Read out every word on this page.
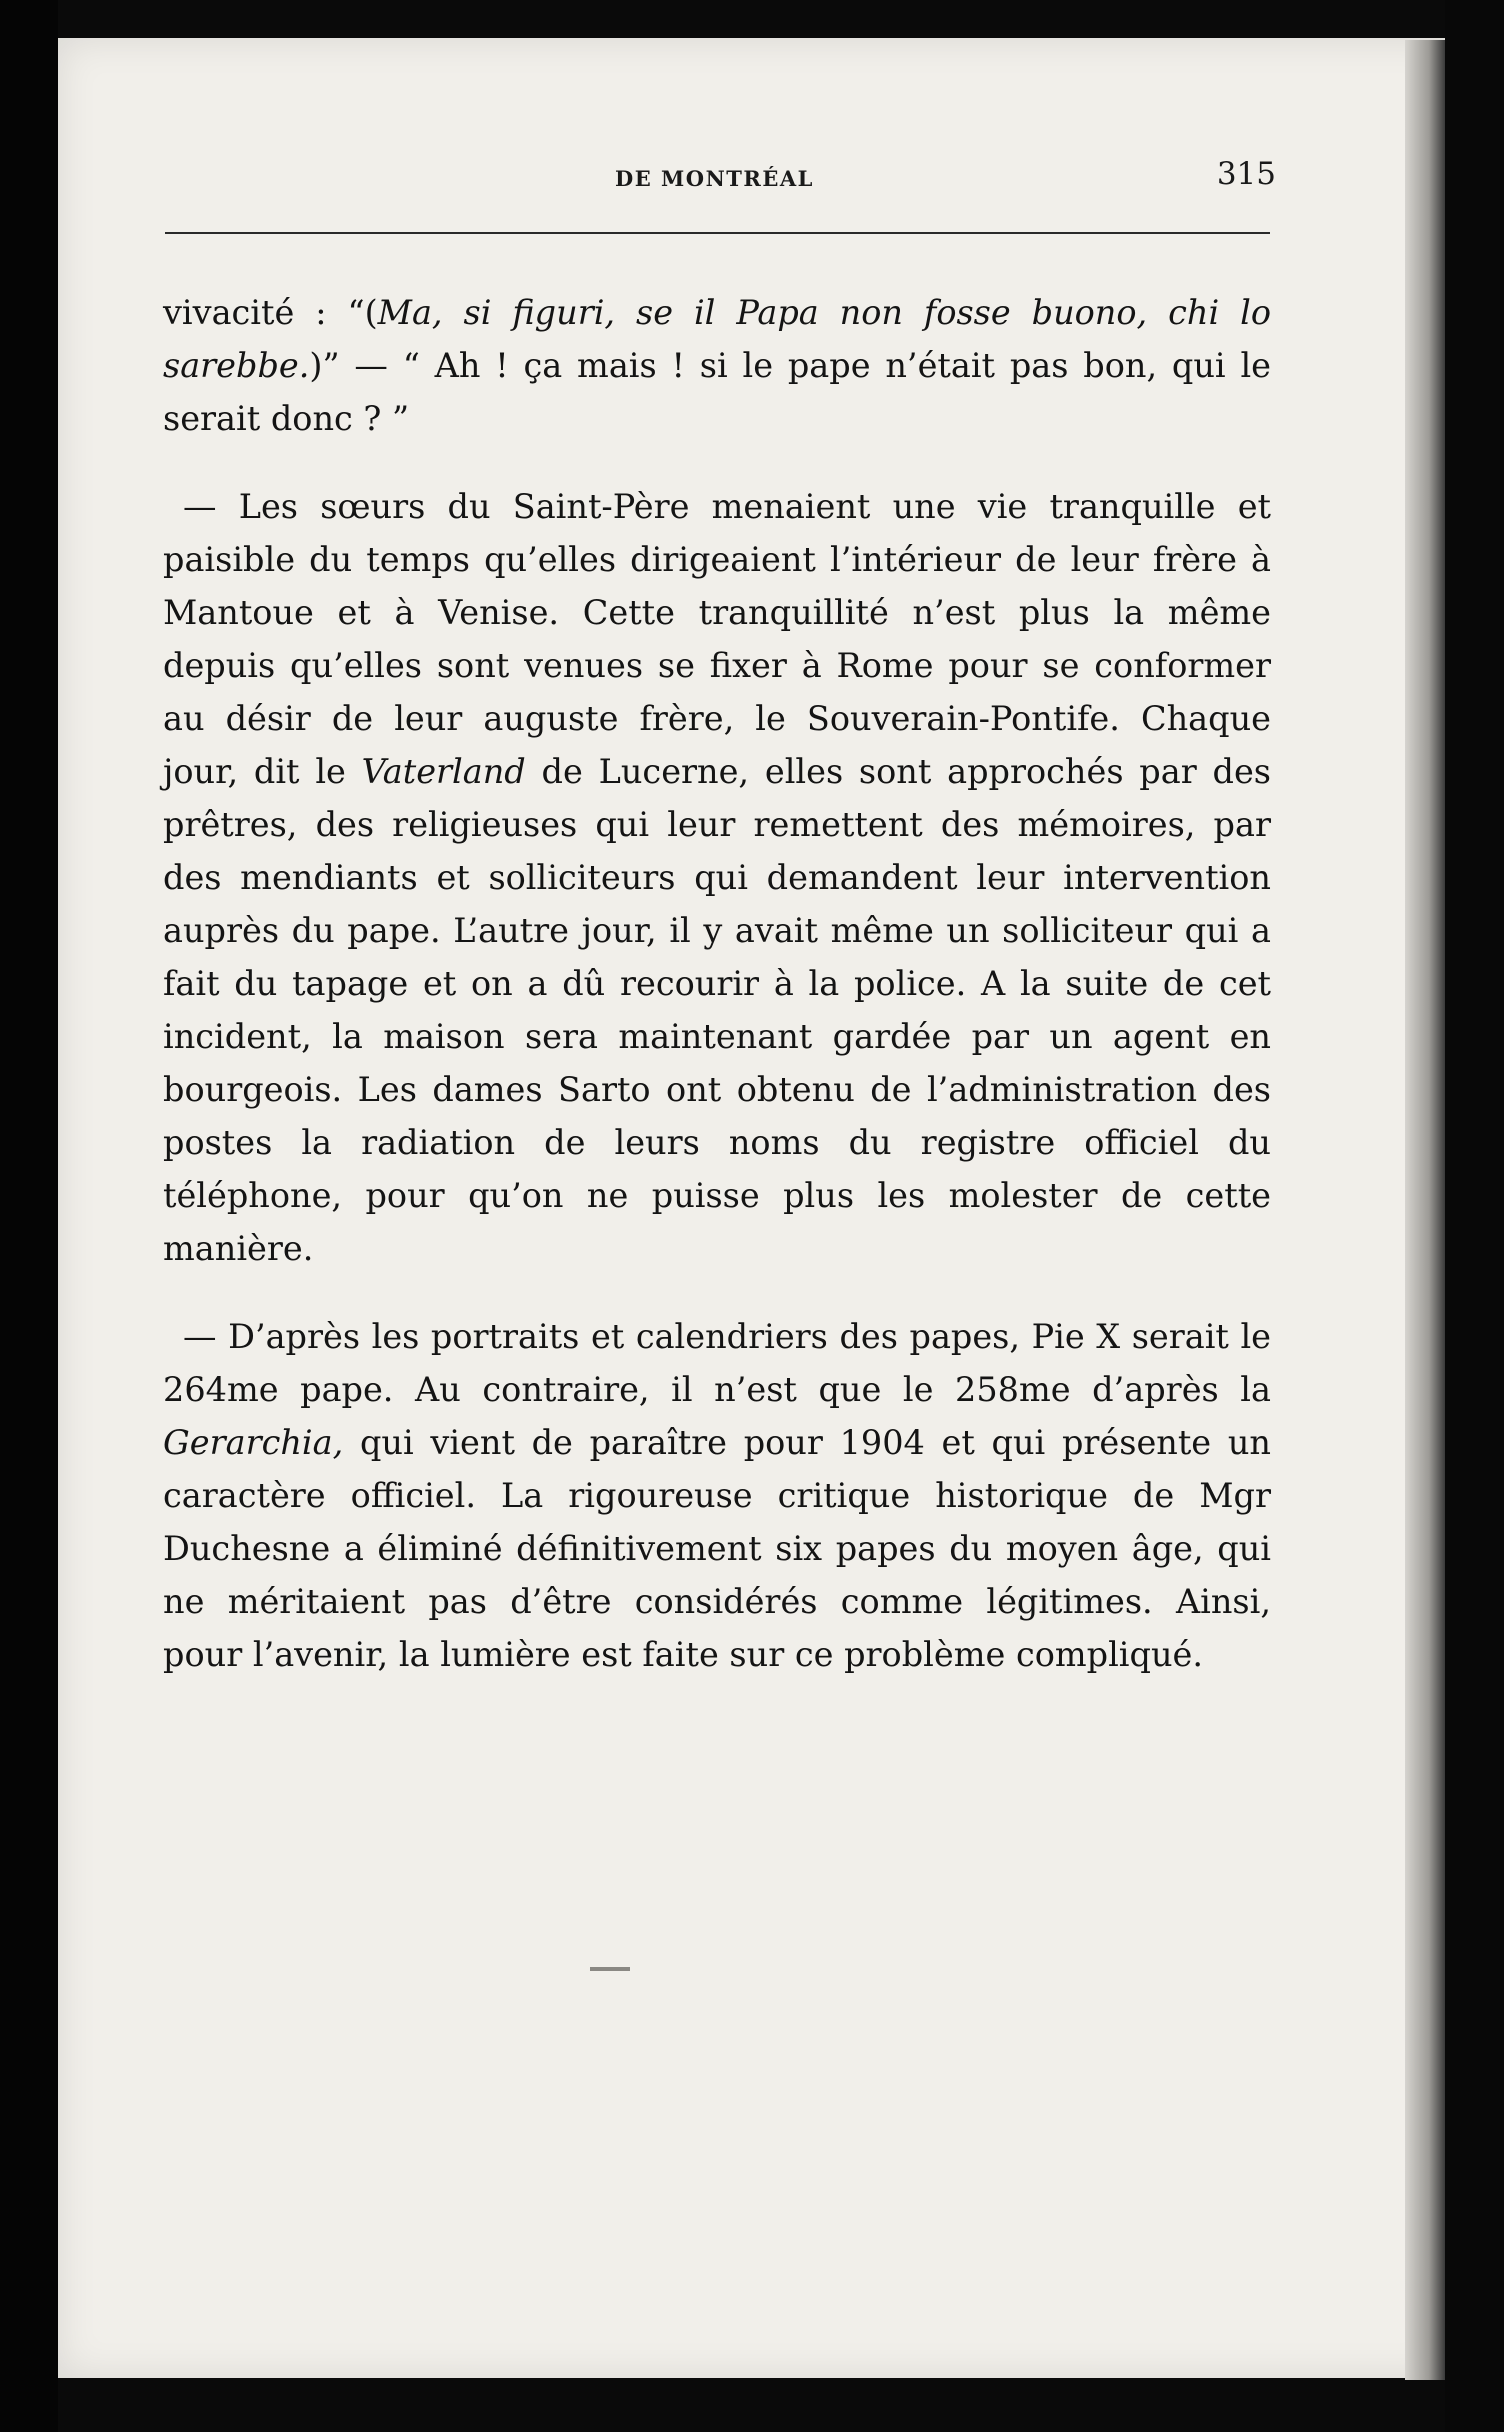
DE MONTRÉAL	315

vivacité : “(Ma, si figuri, se il Papa non fosse buono, chi lo sarebbe.)” — “ Ah ! ça mais ! si le pape n’était pas bon, qui le serait donc ? ”

— Les sœurs du Saint-Père menaient une vie tranquille et paisible du temps qu’elles dirigeaient l’intérieur de leur frère à Mantoue et à Venise. Cette tranquillité n’est plus la même depuis qu’elles sont venues se fixer à Rome pour se conformer au désir de leur auguste frère, le Souverain-Pontife. Chaque jour, dit le Vaterland de Lucerne, elles sont approchés par des prêtres, des religieuses qui leur remettent des mémoires, par des mendiants et solliciteurs qui demandent leur intervention auprès du pape. L’autre jour, il y avait même un solliciteur qui a fait du tapage et on a dû recourir à la police. A la suite de cet incident, la maison sera maintenant gardée par un agent en bourgeois. Les dames Sarto ont obtenu de l’administration des postes la radiation de leurs noms du registre officiel du téléphone, pour qu’on ne puisse plus les molester de cette manière.

— D’après les portraits et calendriers des papes, Pie X serait le 264me pape. Au contraire, il n’est que le 258me d’après la Gerarchia, qui vient de paraître pour 1904 et qui présente un caractère officiel. La rigoureuse critique historique de Mgr Duchesne a éliminé définitivement six papes du moyen âge, qui ne méritaient pas d’être considérés comme légitimes. Ainsi, pour l’avenir, la lumière est faite sur ce problème compliqué.
